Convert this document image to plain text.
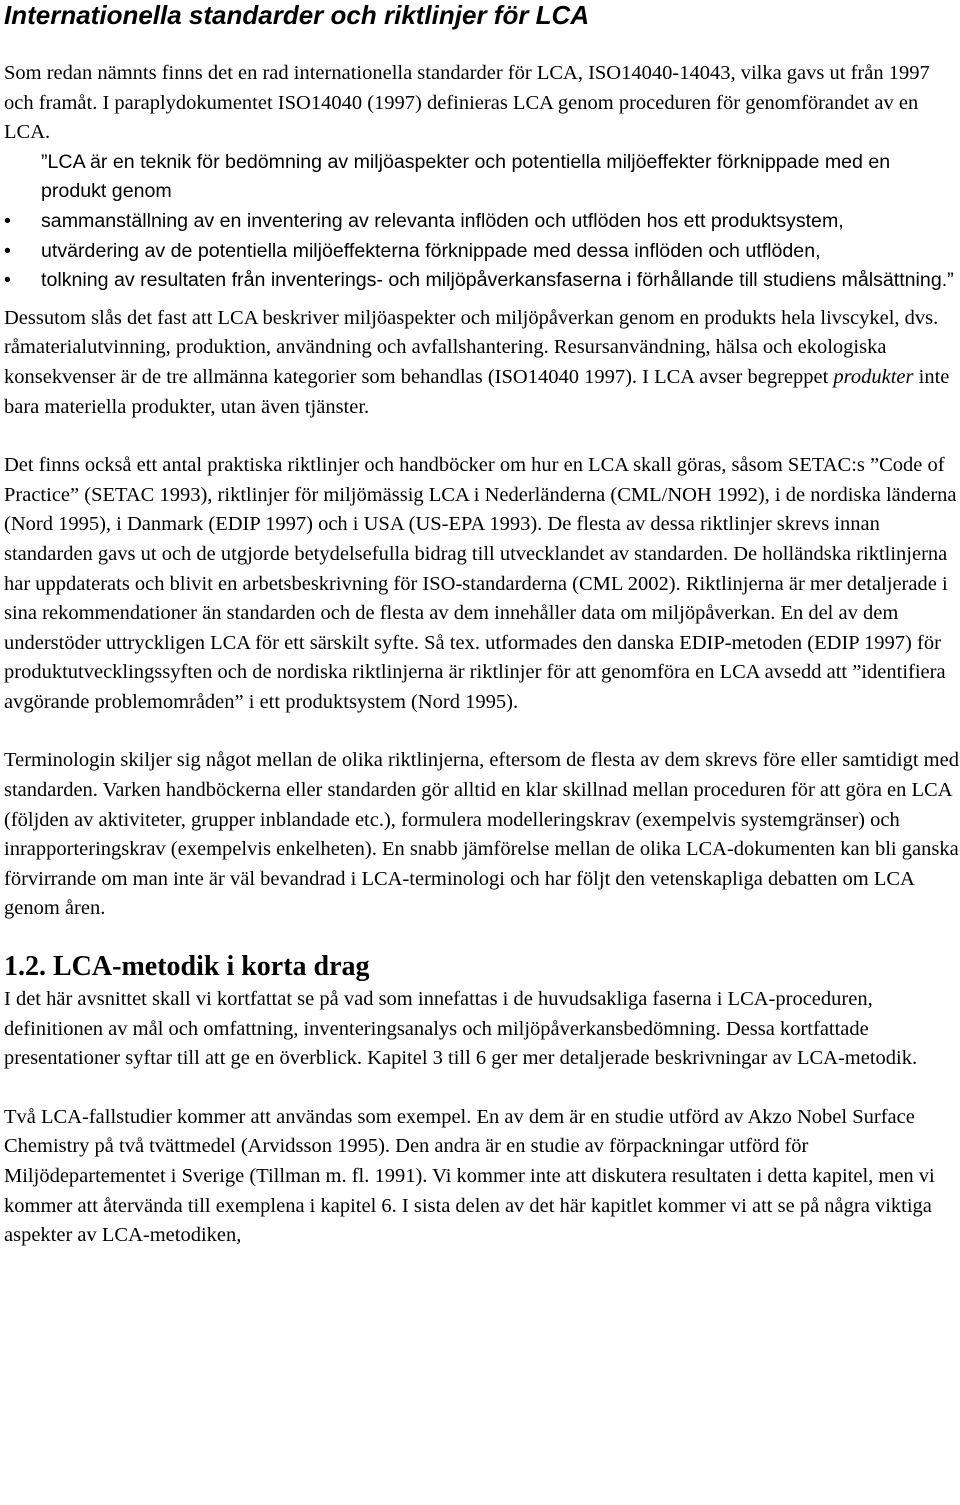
Internationella standarder och riktlinjer för LCA

Som redan nämnts finns det en rad internationella standarder för LCA, ISO14040-14043, vilka gavs ut från 1997 och framåt. I paraplydokumentet ISO14040 (1997) definieras LCA genom proceduren för genomförandet av en LCA.

”LCA är en teknik för bedömning av miljöaspekter och potentiella miljöeffekter förknippade med en produkt genom

•	sammanställning av en inventering av relevanta inflöden och utflöden hos ett produktsystem,
•	utvärdering av de potentiella miljöeffekterna förknippade med dessa inflöden och utflöden,
•	tolkning av resultaten från inventerings- och miljöpåverkansfaserna i förhållande till studiens målsättning.”

Dessutom slås det fast att LCA beskriver miljöaspekter och miljöpåverkan genom en produkts hela livscykel, dvs. råmaterialutvinning, produktion, användning och avfallshantering. Resursanvändning, hälsa och ekologiska konsekvenser är de tre allmänna kategorier som behandlas (ISO14040 1997). I LCA avser begreppet produkter inte bara materiella produkter, utan även tjänster.

Det finns också ett antal praktiska riktlinjer och handböcker om hur en LCA skall göras, såsom SETAC:s ”Code of Practice” (SETAC 1993), riktlinjer för miljömässig LCA i Nederländerna (CML/NOH 1992), i de nordiska länderna (Nord 1995), i Danmark (EDIP 1997) och i USA (US-EPA 1993). De flesta av dessa riktlinjer skrevs innan standarden gavs ut och de utgjorde betydelsefulla bidrag till utvecklandet av standarden. De holländska riktlinjerna har uppdaterats och blivit en arbetsbeskrivning för ISO-standarderna (CML 2002). Riktlinjerna är mer detaljerade i sina rekommendationer än standarden och de flesta av dem innehåller data om miljöpåverkan. En del av dem understöder uttryckligen LCA för ett särskilt syfte. Så tex. utformades den danska EDIP-metoden (EDIP 1997) för produktutvecklingssyften och de nordiska riktlinjerna är riktlinjer för att genomföra en LCA avsedd att ”identifiera avgörande problemområden” i ett produktsystem (Nord 1995).

Terminologin skiljer sig något mellan de olika riktlinjerna, eftersom de flesta av dem skrevs före eller samtidigt med standarden. Varken handböckerna eller standarden gör alltid en klar skillnad mellan proceduren för att göra en LCA (följden av aktiviteter, grupper inblandade etc.), formulera modelleringskrav (exempelvis systemgränser) och inrapporteringskrav (exempelvis enkelheten). En snabb jämförelse mellan de olika LCA-dokumenten kan bli ganska förvirrande om man inte är väl bevandrad i LCA-terminologi och har följt den vetenskapliga debatten om LCA genom åren.

1.2. LCA-metodik i korta drag

I det här avsnittet skall vi kortfattat se på vad som innefattas i de huvudsakliga faserna i LCA-proceduren, definitionen av mål och omfattning, inventeringsanalys och miljöpåverkansbedömning. Dessa kortfattade presentationer syftar till att ge en överblick. Kapitel 3 till 6 ger mer detaljerade beskrivningar av LCA-metodik.

Två LCA-fallstudier kommer att användas som exempel. En av dem är en studie utförd av Akzo Nobel Surface Chemistry på två tvättmedel (Arvidsson 1995). Den andra är en studie av förpackningar utförd för Miljödepartementet i Sverige (Tillman m. fl. 1991). Vi kommer inte att diskutera resultaten i detta kapitel, men vi kommer att återvända till exemplena i kapitel 6. I sista delen av det här kapitlet kommer vi att se på några viktiga aspekter av LCA-metodiken,
